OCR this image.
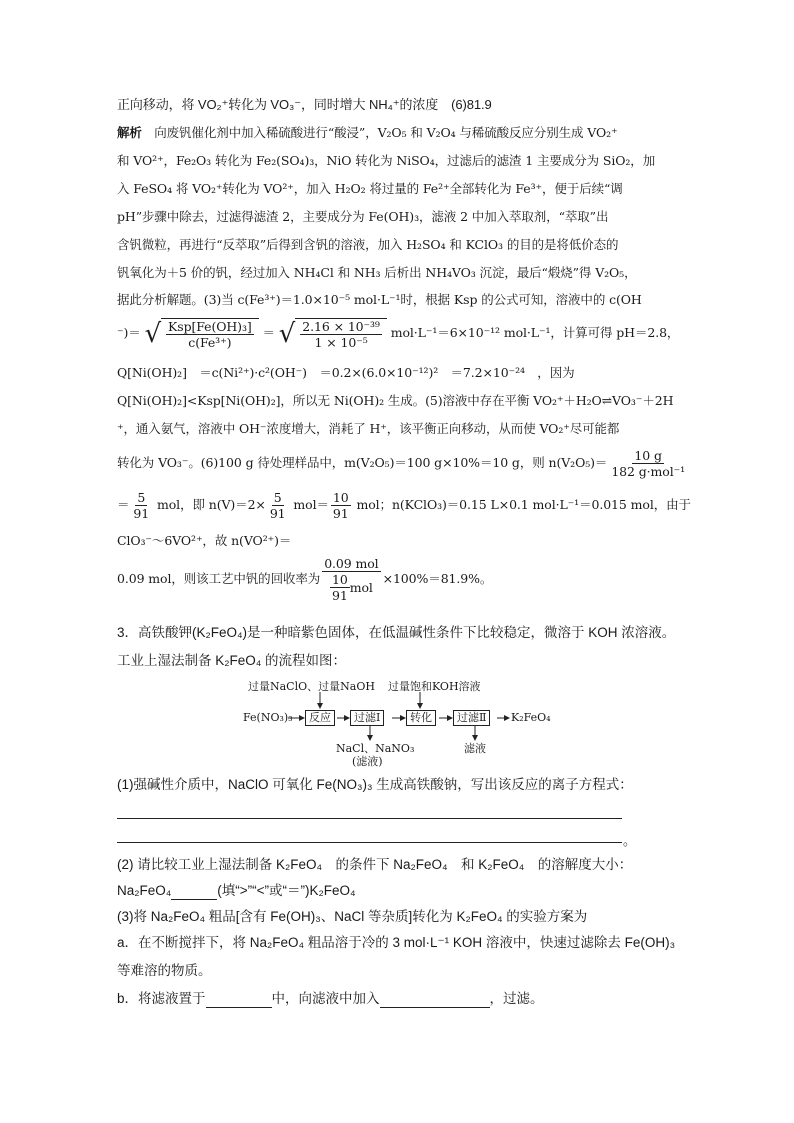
正向移动，将 VO₂⁺转化为 VO₃⁻，同时增大 NH₄⁺的浓度　(6)81.9
解析　向废钒催化剂中加入稀硫酸进行“酸浸”，V₂O₅ 和 V₂O₄ 与稀硫酸反应分别生成 VO₂⁺
和 VO²⁺，Fe₂O₃ 转化为 Fe₂(SO₄)₃，NiO 转化为 NiSO₄，过滤后的滤渣 1 主要成分为 SiO₂，加
入 FeSO₄ 将 VO₂⁺转化为 VO²⁺，加入 H₂O₂ 将过量的 Fe²⁺全部转化为 Fe³⁺，便于后续“调
pH”步骤中除去，过滤得滤渣 2，主要成分为 Fe(OH)₃，滤液 2 中加入萃取剂，“萃取”出
含钒微粒，再进行“反萃取”后得到含钒的溶液，加入 H₂SO₄ 和 KClO₃ 的目的是将低价态的
钒氧化为＋5 价的钒，经过加入 NH₄Cl 和 NH₃ 后析出 NH₄VO₃ 沉淀，最后“煅烧”得 V₂O₅，
据此分析解题。(3)当 c(Fe³⁺)＝1.0×10⁻⁵ mol·L⁻¹时，根据 Ksp 的公式可知，溶液中的 c(OH
⁻)＝ √ $\frac{\text{Ksp[Fe(OH)₃]}}{\text{c(Fe³⁺)}}$ ＝ √ $\frac{\text{2.16 × 10⁻³⁹}}{\text{1 × 10⁻⁵}} mol\cdot L^{-1}=6\times 10^{-12}$ mol·L⁻¹，计算可得 pH＝2.8，
Q[Ni(OH)₂]　＝c(Ni²⁺)·c²(OH⁻)　＝0.2×(6.0×10⁻¹²)²　＝7.2×10⁻²⁴　，因为
Q[Ni(OH)₂]<Ksp[Ni(OH)₂]，所以无 Ni(OH)₂ 生成。(5)溶液中存在平衡 VO₂⁺＋H₂O⇌VO₃⁻＋2H
⁺，通入氨气，溶液中 OH⁻浓度增大，消耗了 H⁺，该平衡正向移动，从而使 VO₂⁺尽可能都
转化为 VO₃⁻。(6)100 g 待处理样品中，m(V₂O₅)＝100 g×10%＝10 g，则 $n(V_2O_5)= \frac{10 g}{\text{182 g·mol⁻¹}}$
＝ $\frac{5}{91}$ mol，即 $n(V)=2\times \frac{5}{91} mol= \frac{10}{91}$ mol；n(KClO₃)＝0.15 L×0.1 mol·L⁻¹＝0.015 mol，由于
ClO₃⁻～6VO²⁺，故 n(VO²⁺)＝
0.09 mol，则该工艺中钒的回收率为 $\frac{\text{0.09 mol}}{\frac{10}{91} mol} \times 100\%=81.9\%$。
3．高铁酸钾(K₂FeO₄)是一种暗紫色固体，在低温碱性条件下比较稳定，微溶于 KOH 浓溶液。
工业上湿法制备 K₂FeO₄ 的流程如图：
过量NaClO、过量NaOH 过量饱和KOH溶液
Fe(NO₃)₃	反应	过滤Ⅰ	转化	过滤Ⅱ	K₂FeO₄
NaCl、NaNO₃
(滤液)
滤液
(1)强碱性介质中，NaClO 可氧化 Fe(NO₃)₃ 生成高铁酸钠，写出该反应的离子方程式：
。
(2) 请比较工业上湿法制备 K₂FeO₄　的条件下 Na₂FeO₄　和 K₂FeO₄　的溶解度大小：
Na₂FeO₄	(填“>”“<”或“＝”)K₂FeO₄
(3)将 Na₂FeO₄ 粗品[含有 Fe(OH)₃、NaCl 等杂质]转化为 K₂FeO₄ 的实验方案为
a．在不断搅拌下，将 Na₂FeO₄ 粗品溶于冷的 3 mol·L⁻¹ KOH 溶液中，快速过滤除去 Fe(OH)₃
等难溶的物质。
b．将滤液置于	中，向滤液中加入	，过滤。
